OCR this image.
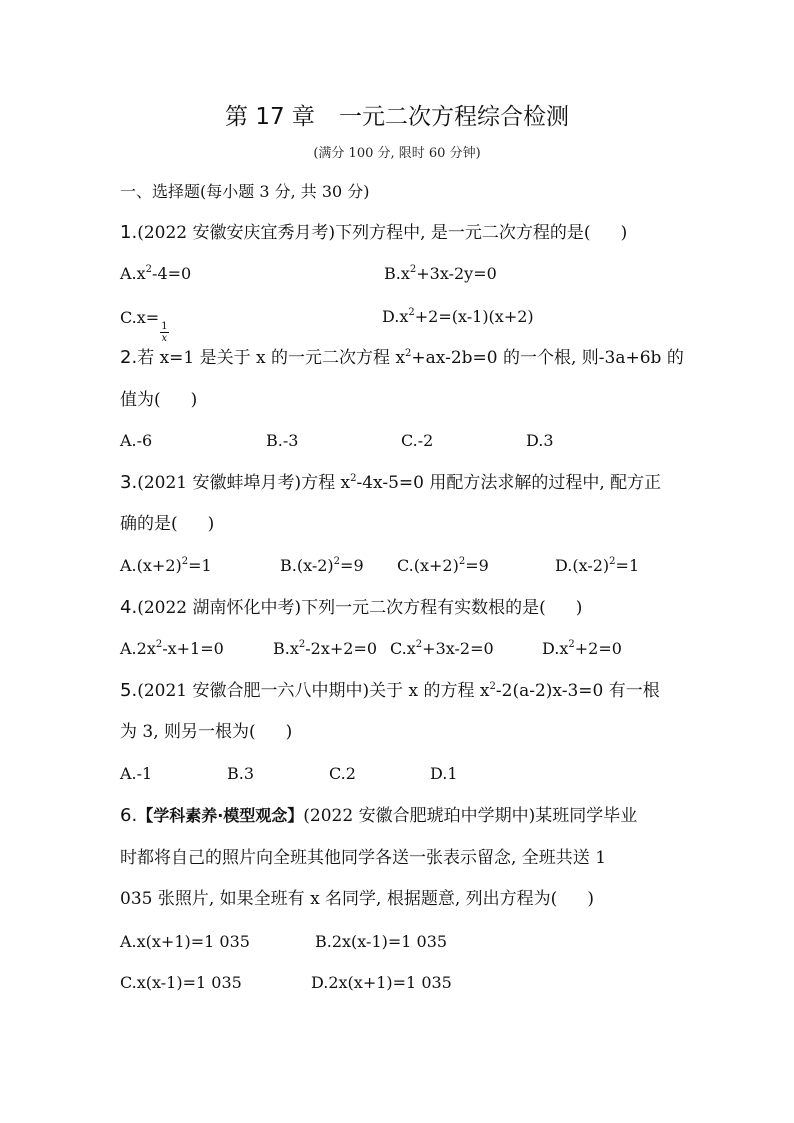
第 17 章 一元二次方程综合检测
(满分 100 分, 限时 60 分钟)
一、选择题(每小题 3 分, 共 30 分)
1.(2022 安徽安庆宜秀月考)下列方程中, 是一元二次方程的是( )
$A.x^2-4=0$	$B.x^2+3x-2y=0$
C.x=
$\frac{1}{x}$
$D.x^2+2=(x-1)(x+2)$
2.若 x=1 是关于 x 的一元二次方程 $x^2+ax-2b=0$ 的一个根, 则-3a+6b 的
值为( )
A.-6	B.-3	C.-2	D.3
3.(2021 安徽蚌埠月考)方程 $x^2-4x-5=0$ 用配方法求解的过程中, 配方正
确的是( )
$A.(x+2)^2=1$	$B.(x-2)^2=9$ $C.(x+2)^2=9$	$D.(x-2)^2=1$
4.(2022 湖南怀化中考)下列一元二次方程有实数根的是( )
$A.2x^2-x+1=0$	$B.x^2-2x+2=0$ $C.x^2+3x-2=0$	$D.x^2+2=0$
5.(2021 安徽合肥一六八中期中)关于 x 的方程 $x^2-2(a-2)x-3=0$ 有一根
为 3, 则另一根为( )
A.-1	B.3	C.2	D.1
6.【学科素养·模型观念】(2022 安徽合肥琥珀中学期中)某班同学毕业
时都将自己的照片向全班其他同学各送一张表示留念, 全班共送 1
035 张照片, 如果全班有 x 名同学, 根据题意, 列出方程为( )
A.x(x+1)=1 035	B.2x(x-1)=1 035
C.x(x-1)=1 035	D.2x(x+1)=1 035
